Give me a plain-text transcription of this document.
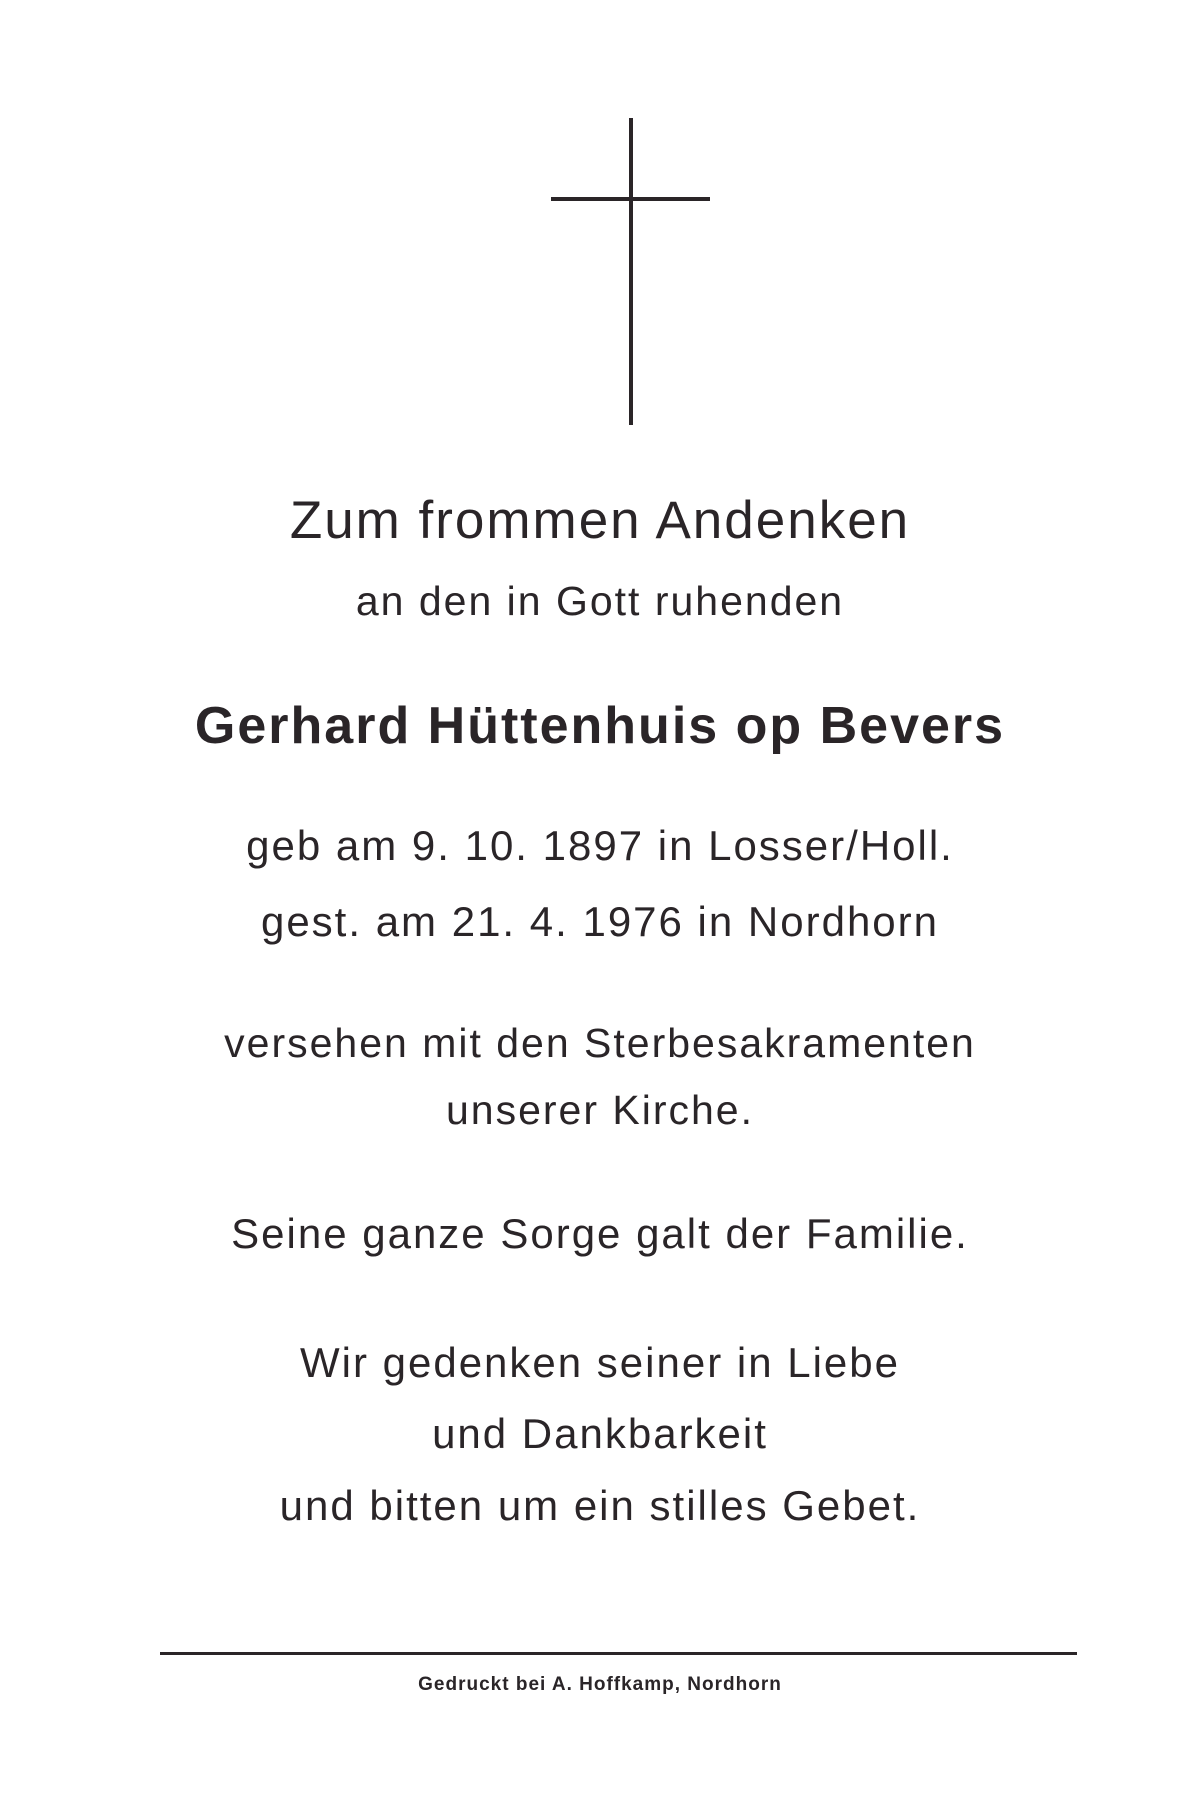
Zum frommen Andenken
an den in Gott ruhenden
Gerhard Hüttenhuis op Bevers
geb am 9. 10. 1897 in Losser/Holl.
gest. am 21. 4. 1976 in Nordhorn
versehen mit den Sterbesakramenten
unserer Kirche.
Seine ganze Sorge galt der Familie.
Wir gedenken seiner in Liebe
und Dankbarkeit
und bitten um ein stilles Gebet.
Gedruckt bei A. Hoffkamp, Nordhorn
